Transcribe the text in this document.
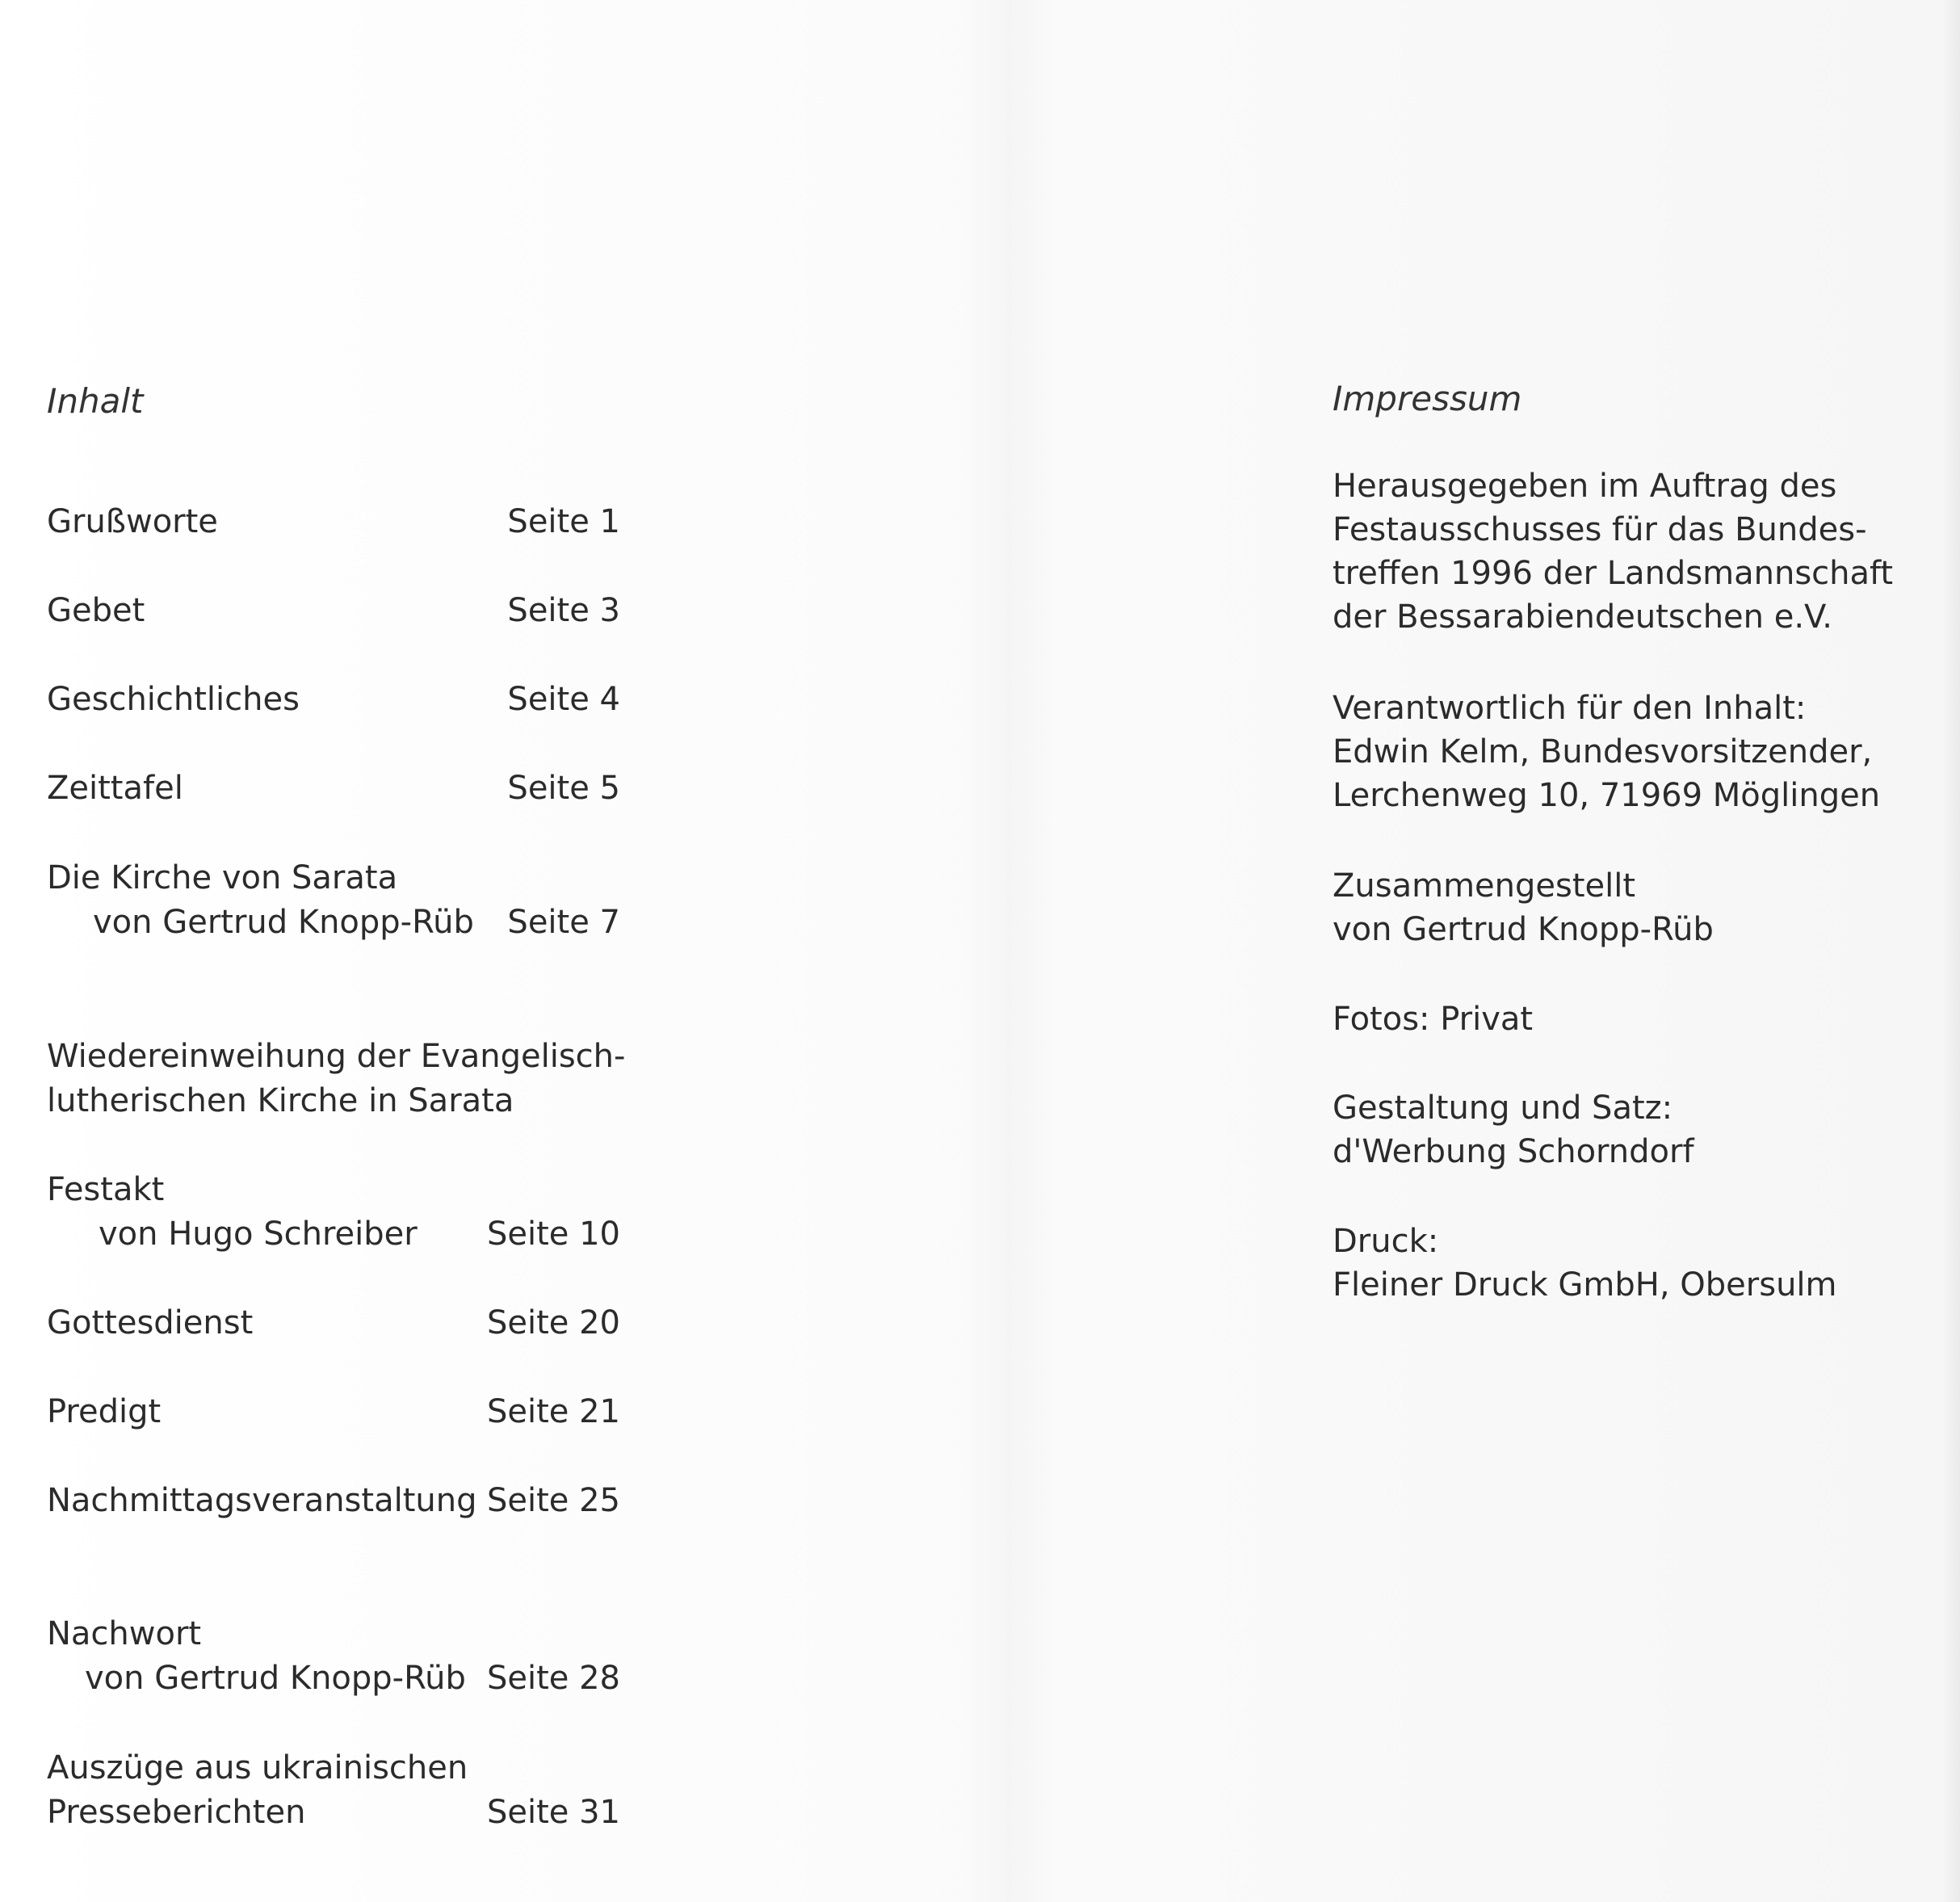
Inhalt
Grußworte	Seite 1
Gebet	Seite 3
Geschichtliches	Seite 4
Zeittafel	Seite 5
Die Kirche von Sarata
von Gertrud Knopp-Rüb Seite 7
Wiedereinweihung der Evangelisch-
lutherischen Kirche in Sarata
Festakt
von Hugo Schreiber Seite 10
Gottesdienst	Seite 20
Predigt	Seite 21
Nachmittagsveranstaltung Seite 25
Nachwort
von Gertrud Knopp-Rüb Seite 28
Auszüge aus ukrainischen
Presseberichten	Seite 31
Impressum
Herausgegeben im Auftrag des
Festausschusses für das Bundes-
treffen 1996 der Landsmannschaft
der Bessarabiendeutschen e.V.
Verantwortlich für den Inhalt:
Edwin Kelm, Bundesvorsitzender,
Lerchenweg 10, 71969 Möglingen
Zusammengestellt
von Gertrud Knopp-Rüb
Fotos: Privat
Gestaltung und Satz:
d'Werbung Schorndorf
Druck:
Fleiner Druck GmbH, Obersulm
